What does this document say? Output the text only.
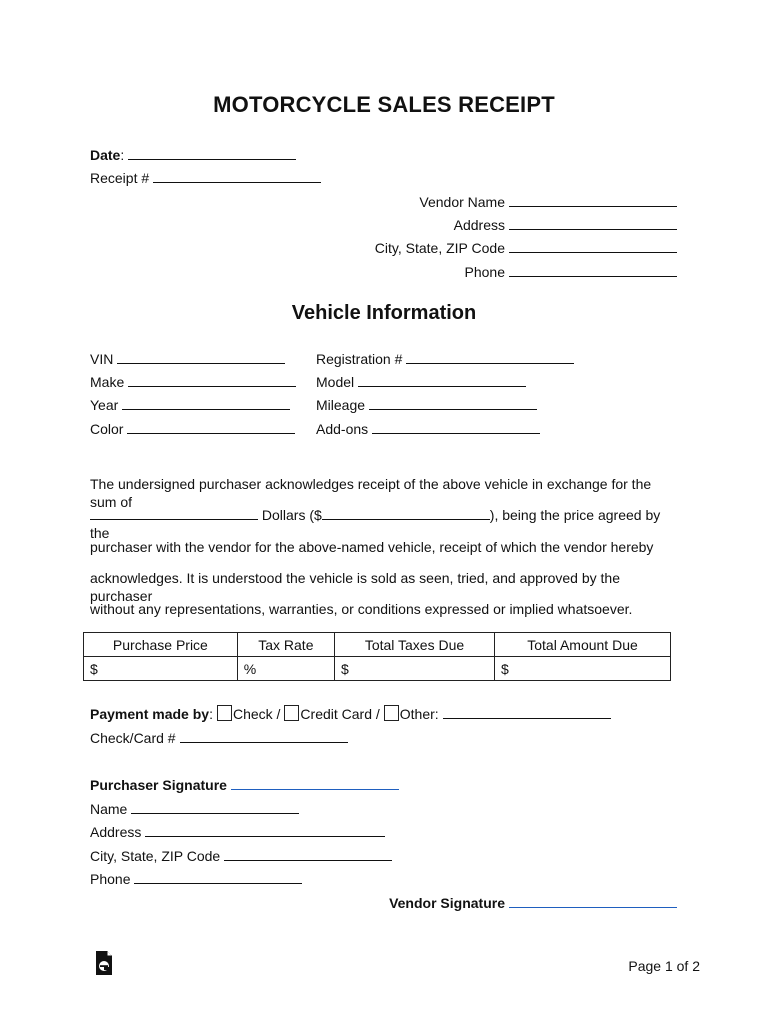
MOTORCYCLE SALES RECEIPT
Date:
Receipt #
Vendor Name
Address
City, State, ZIP Code
Phone
Vehicle Information
VIN
Make
Year
Color
Registration #
Model
Mileage
Add-ons
The undersigned purchaser acknowledges receipt of the above vehicle in exchange for the sum of
Dollars ($	), being the price agreed by the
purchaser with the vendor for the above-named vehicle, receipt of which the vendor hereby
acknowledges. It is understood the vehicle is sold as seen, tried, and approved by the purchaser
without any representations, warranties, or conditions expressed or implied whatsoever.
Purchase Price	Tax Rate	Total Taxes Due	Total Amount Due
$	%	$	$
Payment made by: Check / Credit Card / Other:
Check/Card #
Purchaser Signature
Name
Address
City, State, ZIP Code
Phone
Vendor Signature
Page 1 of 2
